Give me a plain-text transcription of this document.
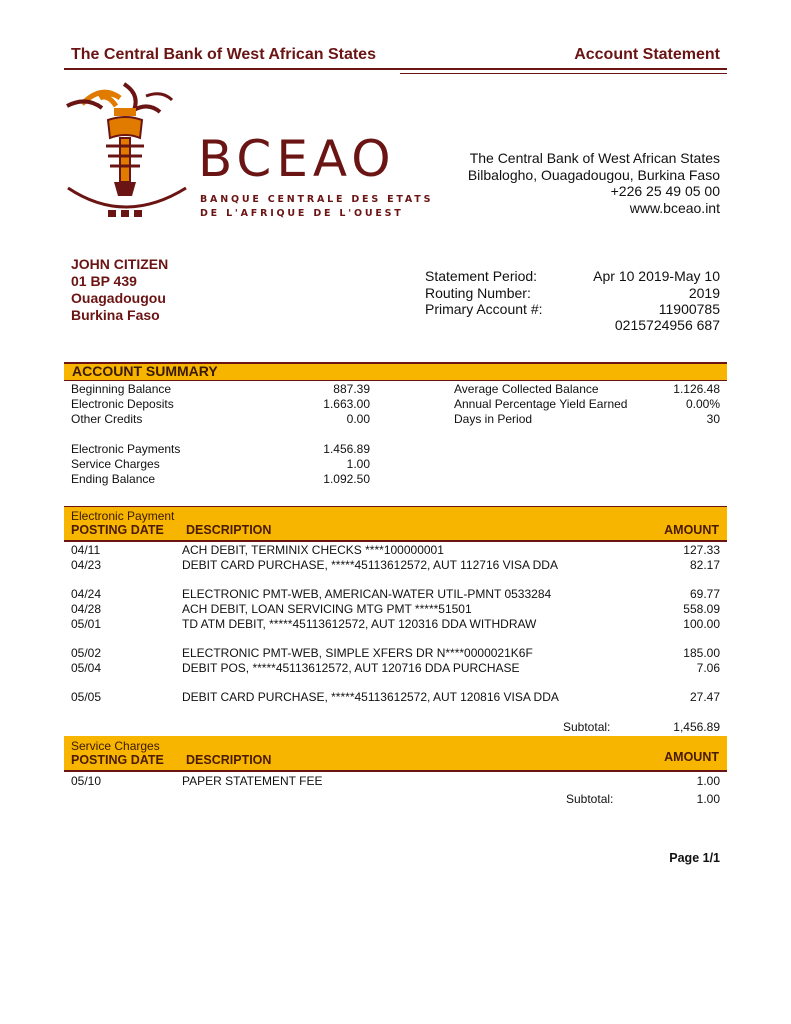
The Central Bank of West African States	Account Statement
BCEAO
BANQUE CENTRALE DES ETATS
DE L'AFRIQUE DE L'OUEST
The Central Bank of West African States
Bilbalogho, Ouagadougou, Burkina Faso
+226 25 49 05 00
www.bceao.int
JOHN CITIZEN
01 BP 439
Ouagadougou
Burkina Faso
Statement Period:	Apr 10 2019-May 10
Routing Number:	2019
Primary Account #:	11900785
0215724956 687
ACCOUNT SUMMARY
Beginning Balance	887.39
Electronic Deposits	1.663.00
Other Credits	0.00
Electronic Payments	1.456.89
Service Charges	1.00
Ending Balance	1.092.50
Average Collected Balance	1.126.48
Annual Percentage Yield Earned	0.00%
Days in Period	30
Electronic Payment
POSTING DATE DESCRIPTION	AMOUNT
04/11	ACH DEBIT, TERMINIX CHECKS ****100000001	127.33
04/23	DEBIT CARD PURCHASE, *****45113612572, AUT 112716 VISA DDA	82.17
04/24	ELECTRONIC PMT-WEB, AMERICAN-WATER UTIL-PMNT 0533284	69.77
04/28	ACH DEBIT, LOAN SERVICING MTG PMT *****51501	558.09
05/01	TD ATM DEBIT, *****45113612572, AUT 120316 DDA WITHDRAW	100.00
05/02	ELECTRONIC PMT-WEB, SIMPLE XFERS DR N****0000021K6F	185.00
05/04	DEBIT POS, *****45113612572, AUT 120716 DDA PURCHASE	7.06
05/05	DEBIT CARD PURCHASE, *****45113612572, AUT 120816 VISA DDA	27.47
Subtotal:	1,456.89
Service Charges
POSTING DATE DESCRIPTION	AMOUNT
05/10	PAPER STATEMENT FEE	1.00
Subtotal:	1.00
Page 1/1
